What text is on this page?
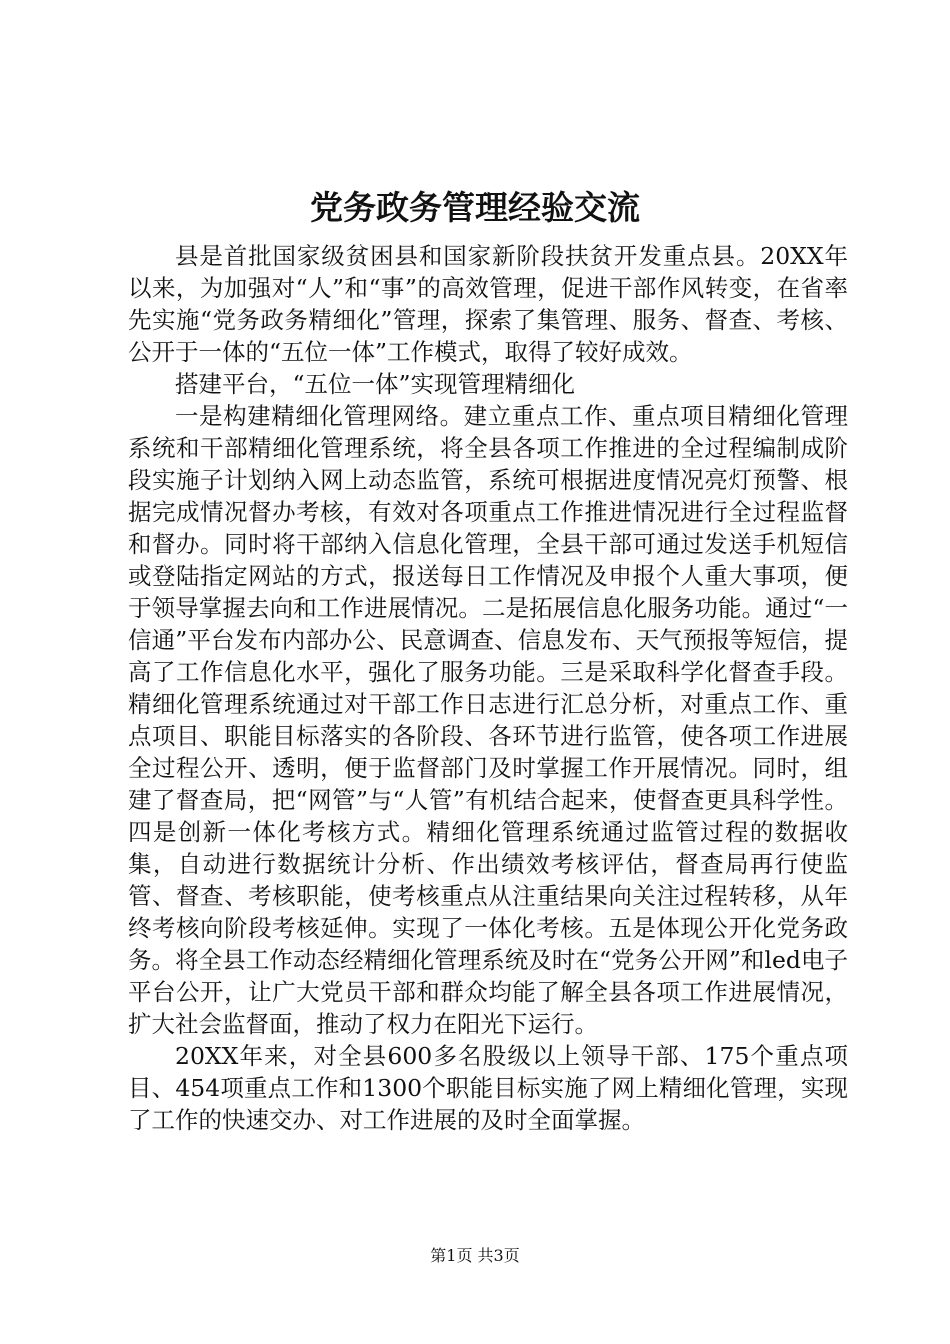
党务政务管理经验交流

县是首批国家级贫困县和国家新阶段扶贫开发重点县。20XX年以来，为加强对“人”和“事”的高效管理，促进干部作风转变，在省率先实施“党务政务精细化”管理，探索了集管理、服务、督查、考核、公开于一体的“五位一体”工作模式，取得了较好成效。

搭建平台，“五位一体”实现管理精细化

一是构建精细化管理网络。建立重点工作、重点项目精细化管理系统和干部精细化管理系统，将全县各项工作推进的全过程编制成阶段实施子计划纳入网上动态监管，系统可根据进度情况亮灯预警、根据完成情况督办考核，有效对各项重点工作推进情况进行全过程监督和督办。同时将干部纳入信息化管理，全县干部可通过发送手机短信或登陆指定网站的方式，报送每日工作情况及申报个人重大事项，便于领导掌握去向和工作进展情况。二是拓展信息化服务功能。通过“一信通”平台发布内部办公、民意调查、信息发布、天气预报等短信，提高了工作信息化水平，强化了服务功能。三是采取科学化督查手段。精细化管理系统通过对干部工作日志进行汇总分析，对重点工作、重点项目、职能目标落实的各阶段、各环节进行监管，使各项工作进展全过程公开、透明，便于监督部门及时掌握工作开展情况。同时，组建了督查局，把“网管”与“人管”有机结合起来，使督查更具科学性。四是创新一体化考核方式。精细化管理系统通过监管过程的数据收集，自动进行数据统计分析、作出绩效考核评估，督查局再行使监管、督查、考核职能，使考核重点从注重结果向关注过程转移，从年终考核向阶段考核延伸。实现了一体化考核。五是体现公开化党务政务。将全县工作动态经精细化管理系统及时在“党务公开网”和led电子平台公开，让广大党员干部和群众均能了解全县各项工作进展情况，扩大社会监督面，推动了权力在阳光下运行。

20XX年来，对全县600多名股级以上领导干部、175个重点项目、454项重点工作和1300个职能目标实施了网上精细化管理，实现了工作的快速交办、对工作进展的及时全面掌握。

第1页 共3页
